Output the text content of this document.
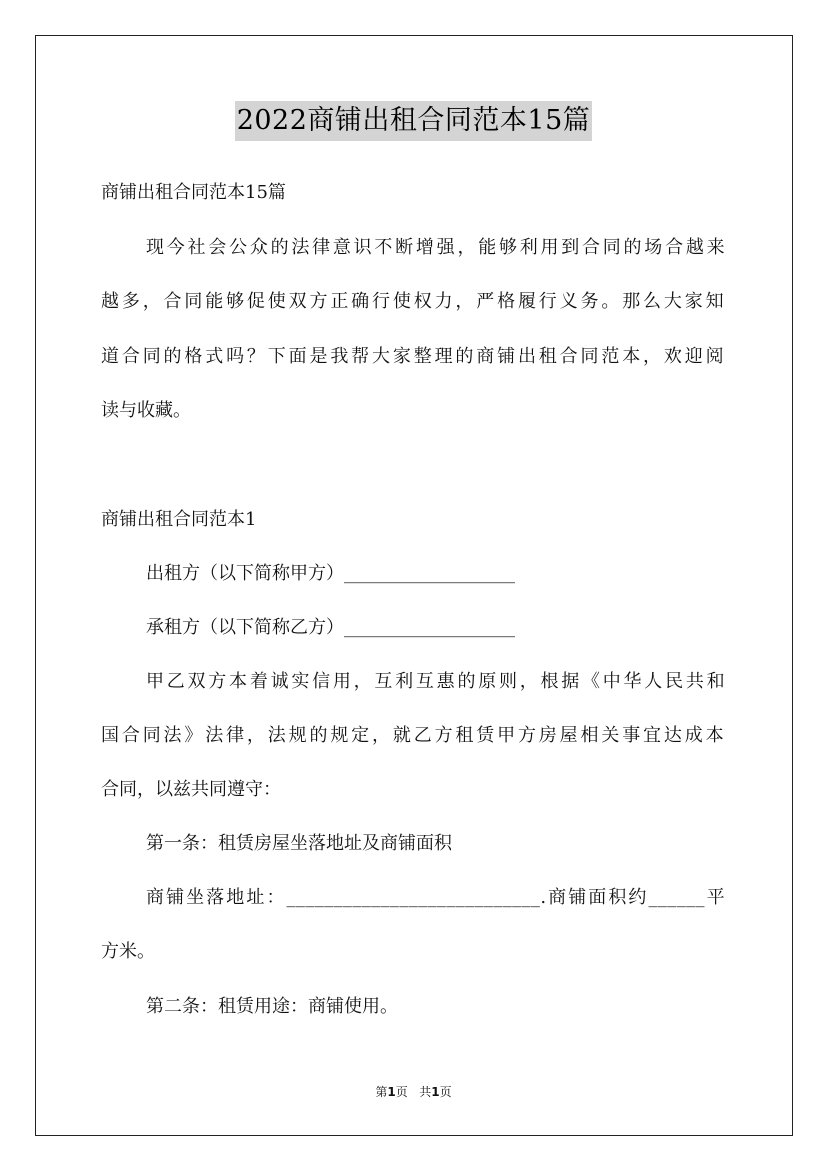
2022商铺出租合同范本15篇
商铺出租合同范本15篇
现今社会公众的法律意识不断增强，能够利用到合同的场合越来
越多，合同能够促使双方正确行使权力，严格履行义务。那么大家知
道合同的格式吗？下面是我帮大家整理的商铺出租合同范本，欢迎阅
读与收藏。
商铺出租合同范本1
出租方（以下简称甲方）___________________
承租方（以下简称乙方）___________________
甲乙双方本着诚实信用，互利互惠的原则，根据《中华人民共和
国合同法》法律，法规的规定，就乙方租赁甲方房屋相关事宜达成本
合同，以兹共同遵守：
第一条：租赁房屋坐落地址及商铺面积
商铺坐落地址：___________________________.商铺面积约______平
方米。
第二条：租赁用途：商铺使用。
第1页 共1页
